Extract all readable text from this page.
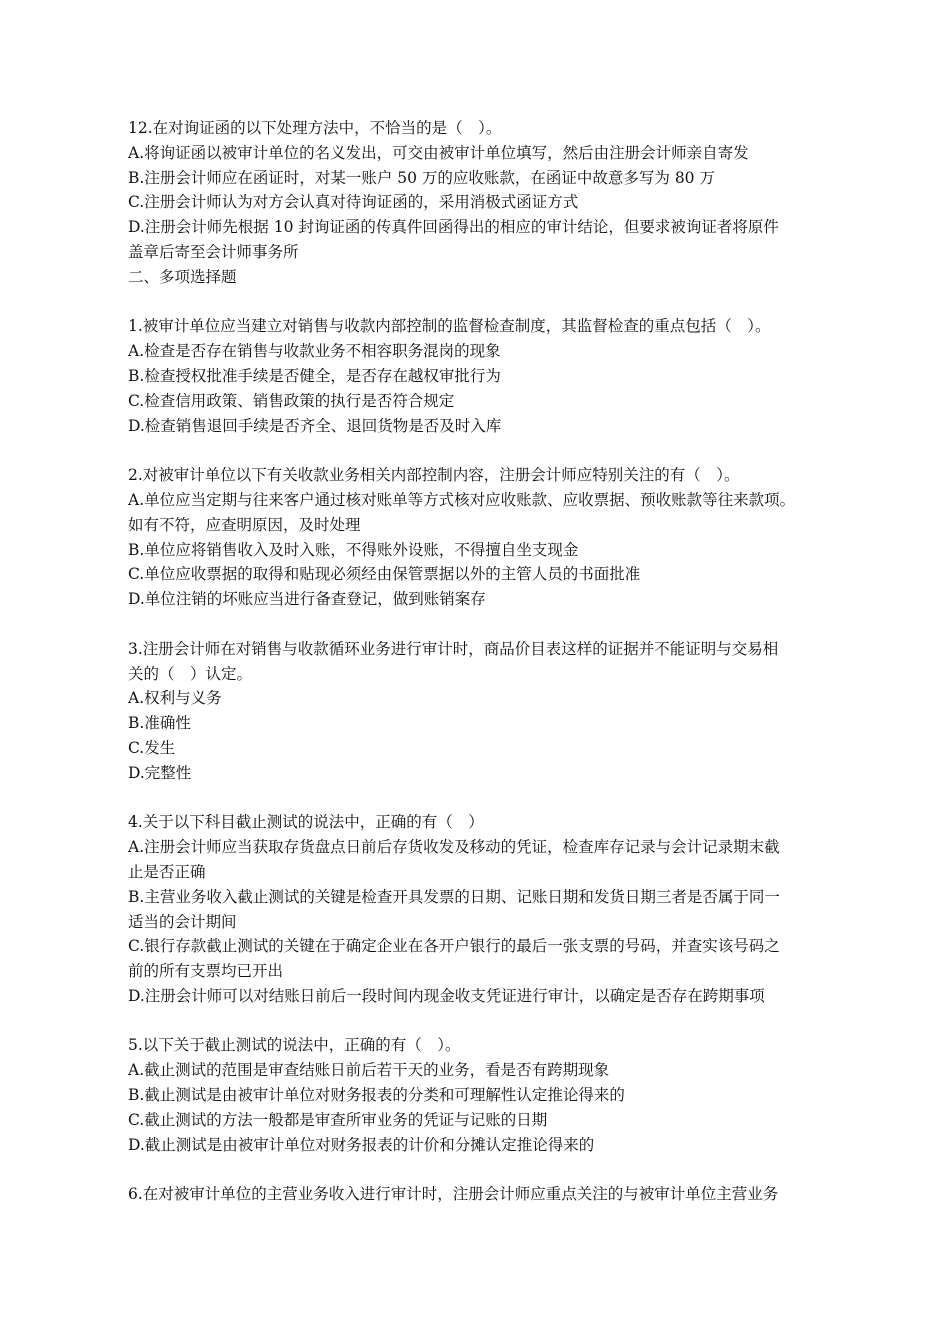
12.在对询证函的以下处理方法中，不恰当的是（　）。
A.将询证函以被审计单位的名义发出，可交由被审计单位填写，然后由注册会计师亲自寄发
B.注册会计师应在函证时，对某一账户 50 万的应收账款，在函证中故意多写为 80 万
C.注册会计师认为对方会认真对待询证函的，采用消极式函证方式
D.注册会计师先根据 10 封询证函的传真件回函得出的相应的审计结论，但要求被询证者将原件
盖章后寄至会计师事务所
二、多项选择题
1.被审计单位应当建立对销售与收款内部控制的监督检查制度，其监督检查的重点包括（　）。
A.检查是否存在销售与收款业务不相容职务混岗的现象
B.检查授权批准手续是否健全，是否存在越权审批行为
C.检查信用政策、销售政策的执行是否符合规定
D.检查销售退回手续是否齐全、退回货物是否及时入库
2.对被审计单位以下有关收款业务相关内部控制内容，注册会计师应特别关注的有（　）。
A.单位应当定期与往来客户通过核对账单等方式核对应收账款、应收票据、预收账款等往来款项。
如有不符，应查明原因，及时处理
B.单位应将销售收入及时入账，不得账外设账，不得擅自坐支现金
C.单位应收票据的取得和贴现必须经由保管票据以外的主管人员的书面批准
D.单位注销的坏账应当进行备查登记，做到账销案存
3.注册会计师在对销售与收款循环业务进行审计时，商品价目表这样的证据并不能证明与交易相
关的（　）认定。
A.权利与义务
B.准确性
C.发生
D.完整性
4.关于以下科目截止测试的说法中，正确的有（　）
A.注册会计师应当获取存货盘点日前后存货收发及移动的凭证，检查库存记录与会计记录期末截
止是否正确
B.主营业务收入截止测试的关键是检查开具发票的日期、记账日期和发货日期三者是否属于同一
适当的会计期间
C.银行存款截止测试的关键在于确定企业在各开户银行的最后一张支票的号码，并查实该号码之
前的所有支票均已开出
D.注册会计师可以对结账日前后一段时间内现金收支凭证进行审计，以确定是否存在跨期事项
5.以下关于截止测试的说法中，正确的有（　）。
A.截止测试的范围是审查结账日前后若干天的业务，看是否有跨期现象
B.截止测试是由被审计单位对财务报表的分类和可理解性认定推论得来的
C.截止测试的方法一般都是审查所审业务的凭证与记账的日期
D.截止测试是由被审计单位对财务报表的计价和分摊认定推论得来的
6.在对被审计单位的主营业务收入进行审计时，注册会计师应重点关注的与被审计单位主营业务
